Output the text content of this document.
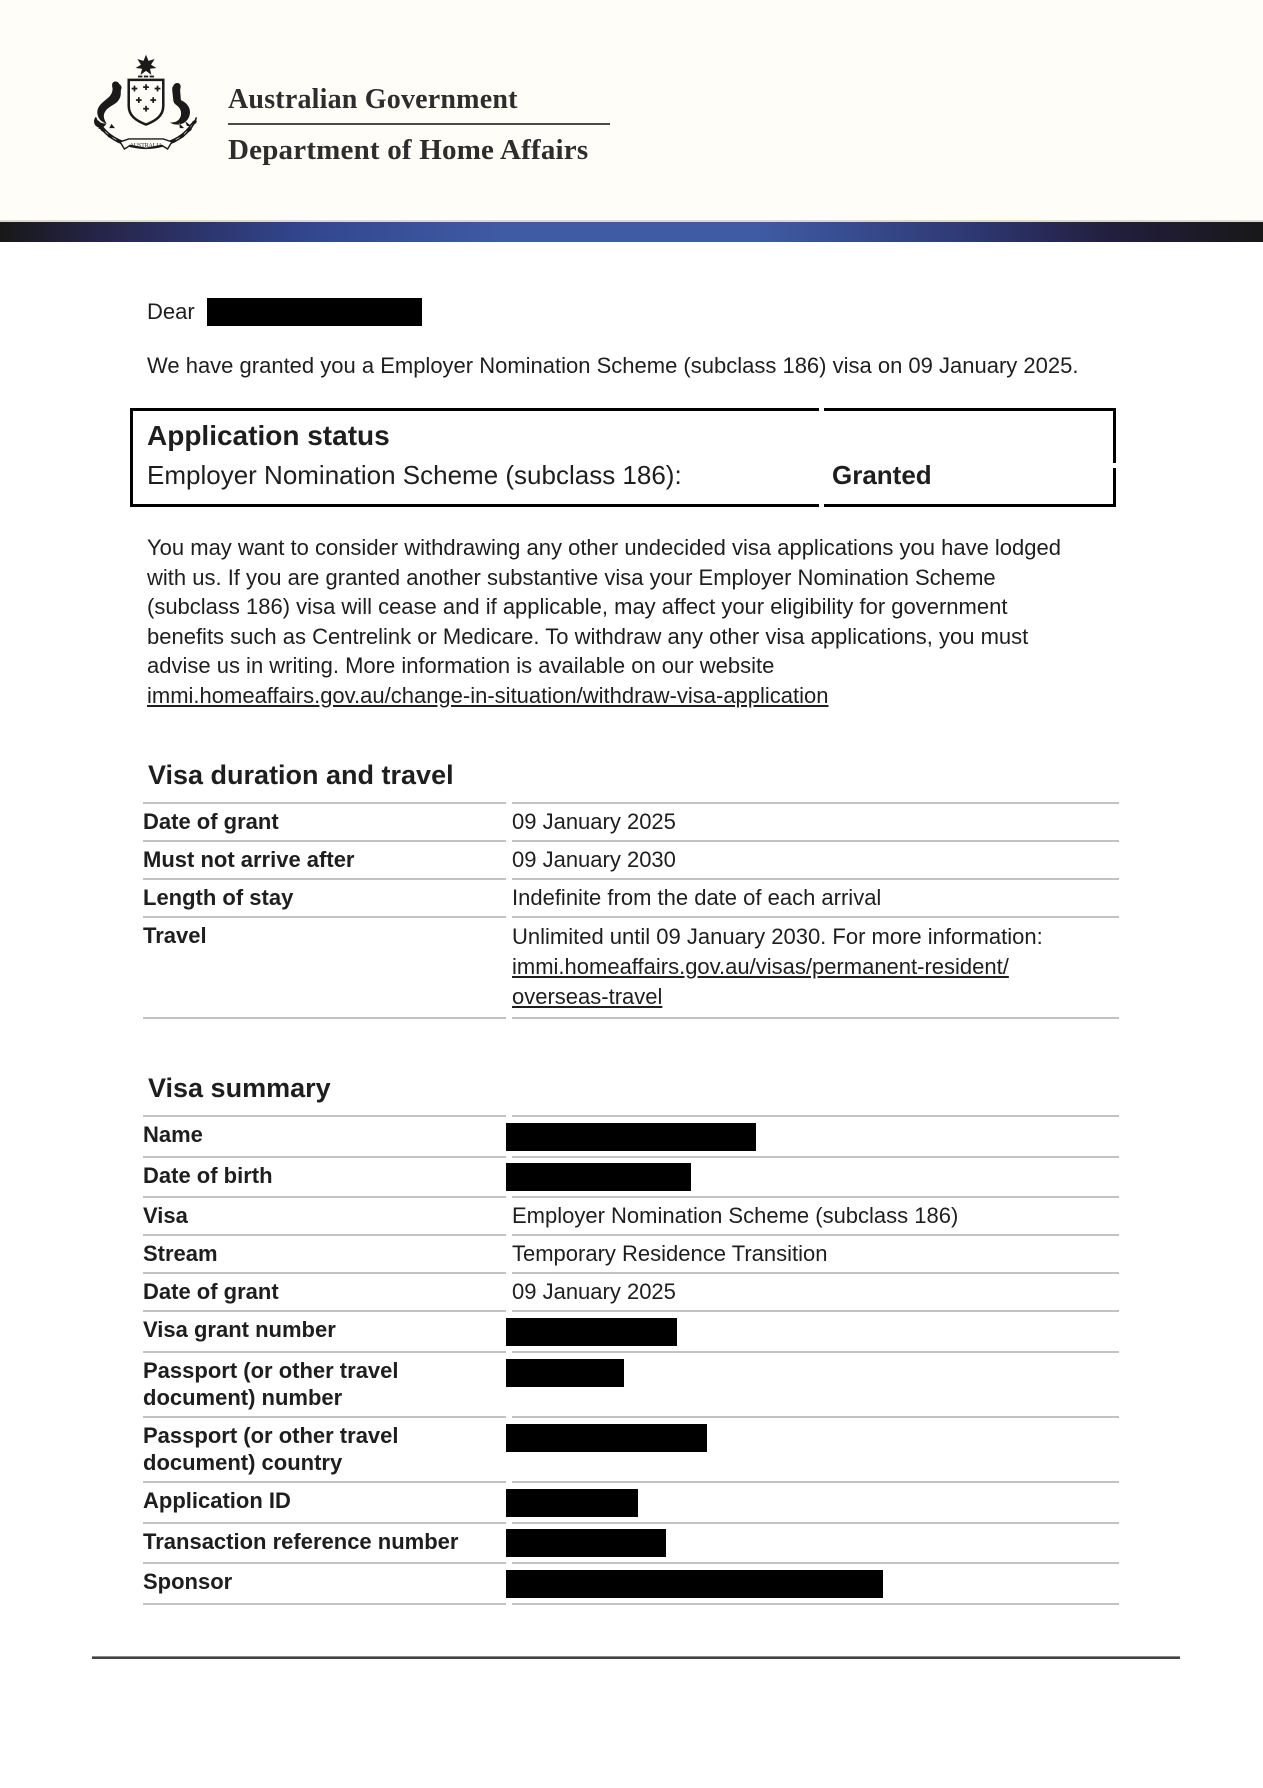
AUSTRALIA
Australian Government
Department of Home Affairs
Dear

We have granted you a Employer Nomination Scheme (subclass 186) visa on 09 January 2025.

Application status
Employer Nomination Scheme (subclass 186):	Granted

You may want to consider withdrawing any other undecided visa applications you have lodged with us. If you are granted another substantive visa your Employer Nomination Scheme (subclass 186) visa will cease and if applicable, may affect your eligibility for government benefits such as Centrelink or Medicare. To withdraw any other visa applications, you must advise us in writing. More information is available on our website immi.homeaffairs.gov.au/change-in-situation/withdraw-visa-application

Visa duration and travel
Date of grant	09 January 2025
Must not arrive after	09 January 2030
Length of stay	Indefinite from the date of each arrival
Travel	Unlimited until 09 January 2030. For more information:
immi.homeaffairs.gov.au/visas/permanent-resident/
overseas-travel
Visa summary
Name	
Date of birth	
Visa	Employer Nomination Scheme (subclass 186)
Stream	Temporary Residence Transition
Date of grant	09 January 2025
Visa grant number	
Passport (or other travel document) number	
Passport (or other travel document) country	
Application ID	
Transaction reference number	
Sponsor	
